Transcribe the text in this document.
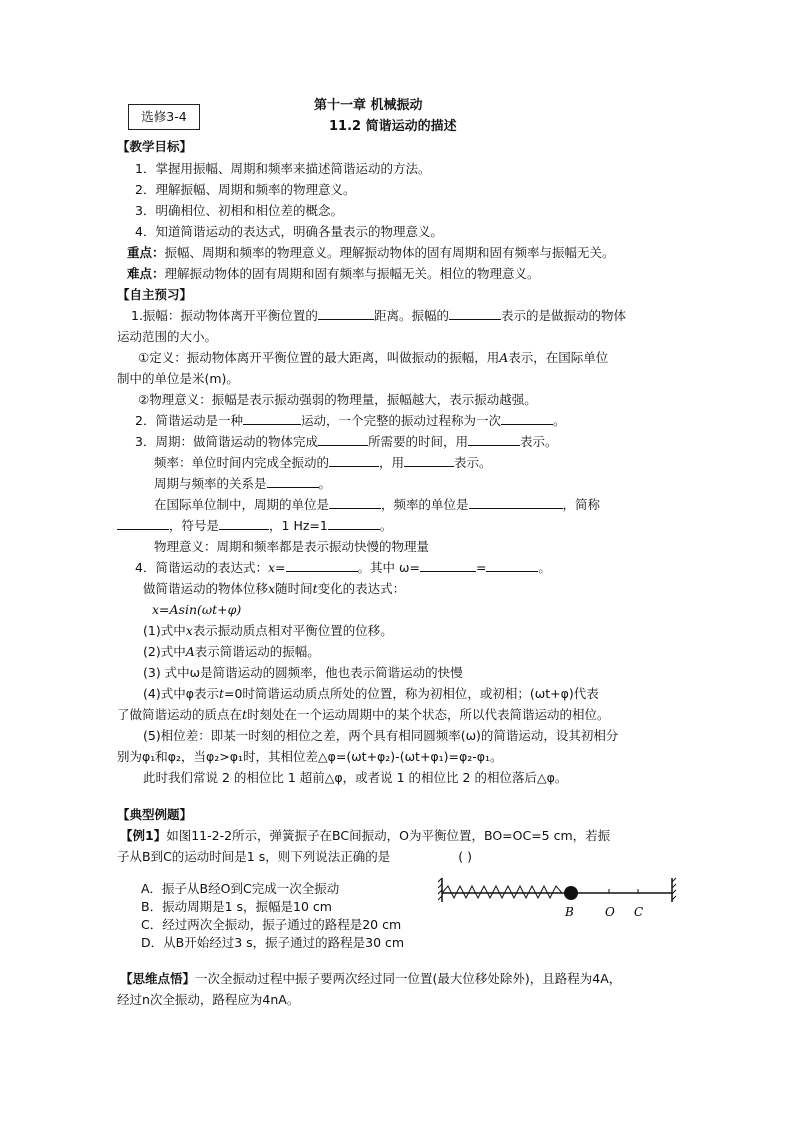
选修3-4
第十一章 机械振动
11.2 简谐运动的描述
【教学目标】
1．掌握用振幅、周期和频率来描述简谐运动的方法。
2．理解振幅、周期和频率的物理意义。
3．明确相位、初相和相位差的概念。
4．知道简谐运动的表达式，明确各量表示的物理意义。
重点：振幅、周期和频率的物理意义。理解振动物体的固有周期和固有频率与振幅无关。
难点：理解振动物体的固有周期和固有频率与振幅无关。相位的物理意义。
【自主预习】
1.振幅：振动物体离开平衡位置的	距离。振幅的	表示的是做振动的物体
运动范围的大小。
①定义：振动物体离开平衡位置的最大距离，叫做振动的振幅，用A表示，在国际单位
制中的单位是米(m)。
②物理意义：振幅是表示振动强弱的物理量，振幅越大，表示振动越强。
2．简谐运动是一种	运动，一个完整的振动过程称为一次	。
3．周期：做简谐运动的物体完成	所需要的时间，用	表示。
频率：单位时间内完成全振动的	，用	表示。
周期与频率的关系是	。
在国际单位制中，周期的单位是	，频率的单位是	，简称
，符号是	，1 Hz=1	。
物理意义：周期和频率都是表示振动快慢的物理量
4．简谐运动的表达式：x=	。其中 ω=	=	。
做简谐运动的物体位移x随时间t变化的表达式：
x=Asin(ωt+φ)
(1)式中x表示振动质点相对平衡位置的位移。
(2)式中A表示简谐运动的振幅。
(3) 式中ω是简谐运动的圆频率，他也表示简谐运动的快慢
(4)式中φ表示t=0时简谐运动质点所处的位置，称为初相位，或初相；(ωt+φ)代表
了做简谐运动的质点在t时刻处在一个运动周期中的某个状态，所以代表简谐运动的相位。
(5)相位差：即某一时刻的相位之差，两个具有相同圆频率(ω)的简谐运动，设其初相分
别为φ₁和φ₂，当φ₂>φ₁时，其相位差△φ=(ωt+φ₂)-(ωt+φ₁)=φ₂-φ₁。
此时我们常说 2 的相位比 1 超前△φ，或者说 1 的相位比 2 的相位落后△φ。
【典型例题】
【例1】如图11-2-2所示，弹簧振子在BC间振动，O为平衡位置，BO=OC=5 cm，若振
子从B到C的运动时间是1 s，则下列说法正确的是	( )
A．振子从B经O到C完成一次全振动
B．振动周期是1 s，振幅是10 cm
C．经过两次全振动，振子通过的路程是20 cm
D．从B开始经过3 s，振子通过的路程是30 cm
B	O C
【思维点悟】一次全振动过程中振子要两次经过同一位置(最大位移处除外)，且路程为4A，
经过n次全振动，路程应为4nA。
